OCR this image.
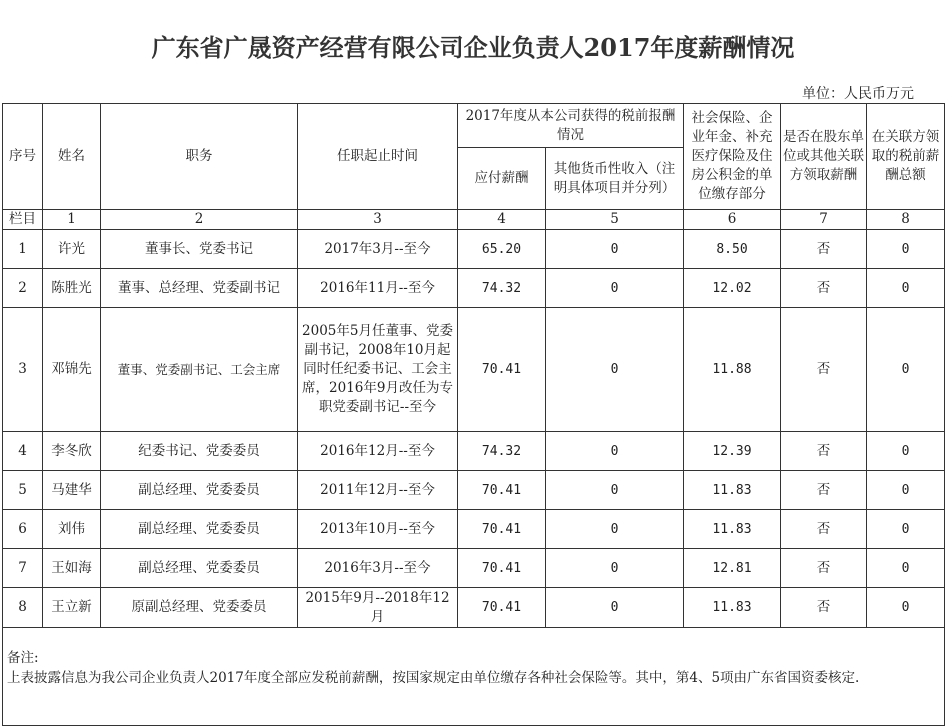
广东省广晟资产经营有限公司企业负责人2017年度薪酬情况
单位：人民币万元
序号	姓名	职务	任职起止时间	2017年度从本公司获得的税前报酬情况		社会保险、企业年金、补充医疗保险及住房公积金的单位缴存部分	是否在股东单位或其他关联方领取薪酬	在关联方领取的税前薪酬总额
				应付薪酬	其他货币性收入（注明具体项目并分列）			
栏目	1	2	3	4	5	6	7	8
1	许光	董事长、党委书记	2017年3月--至今	65.20	0	8.50	否	0
2	陈胜光	董事、总经理、党委副书记	2016年11月--至今	74.32	0	12.02	否	0
3	邓锦先	董事、党委副书记、工会主席	2005年5月任董事、党委副书记，2008年10月起同时任纪委书记、工会主席，2016年9月改任为专职党委副书记--至今	70.41	0	11.88	否	0
4	李冬欣	纪委书记、党委委员	2016年12月--至今	74.32	0	12.39	否	0
5	马建华	副总经理、党委委员	2011年12月--至今	70.41	0	11.83	否	0
6	刘伟	副总经理、党委委员	2013年10月--至今	70.41	0	11.83	否	0
7	王如海	副总经理、党委委员	2016年3月--至今	70.41	0	12.81	否	0
8	王立新	原副总经理、党委委员	2015年9月--2018年12月	70.41	0	11.83	否	0

备注:
上表披露信息为我公司企业负责人2017年度全部应发税前薪酬，按国家规定由单位缴存各种社会保险等。其中，第4、5项由广东省国资委核定.								
